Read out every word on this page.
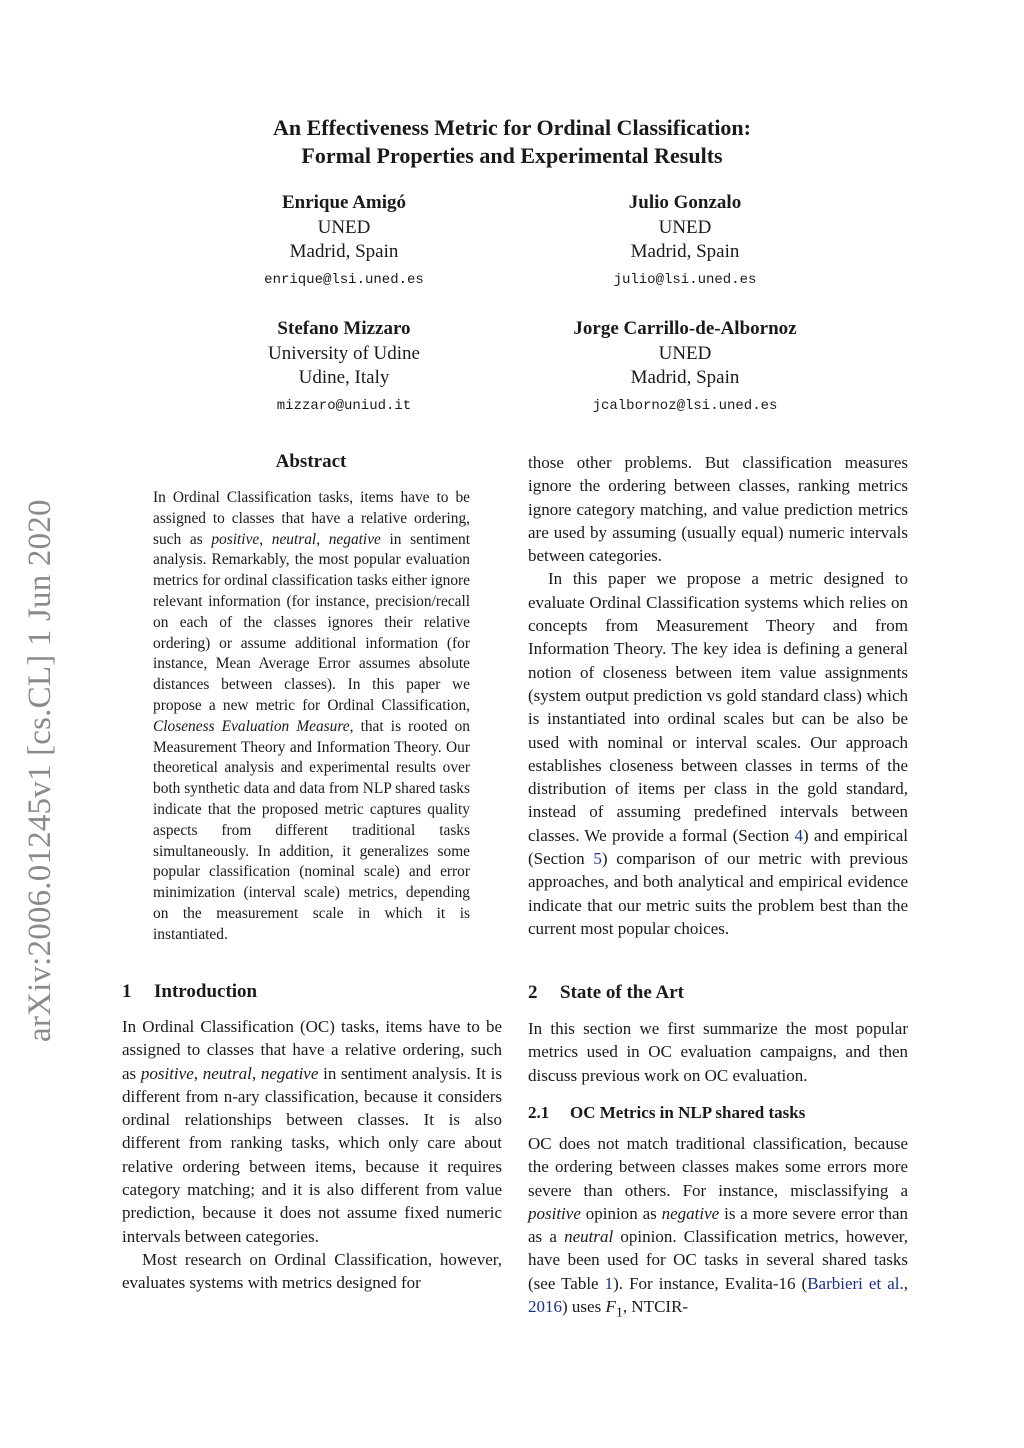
An Effectiveness Metric for Ordinal Classification:
Formal Properties and Experimental Results
Enrique Amigó
UNED
Madrid, Spain
enrique@lsi.uned.es
Julio Gonzalo
UNED
Madrid, Spain
julio@lsi.uned.es
Stefano Mizzaro
University of Udine
Udine, Italy
mizzaro@uniud.it
Jorge Carrillo-de-Albornoz
UNED
Madrid, Spain
jcalbornoz@lsi.uned.es
arXiv:2006.01245v1 [cs.CL] 1 Jun 2020
Abstract
In Ordinal Classification tasks, items have to be assigned to classes that have a relative ordering, such as positive, neutral, negative in sentiment analysis. Remarkably, the most popular evaluation metrics for ordinal classification tasks either ignore relevant information (for instance, precision/recall on each of the classes ignores their relative ordering) or assume additional information (for instance, Mean Average Error assumes absolute distances between classes). In this paper we propose a new metric for Ordinal Classification, Closeness Evaluation Measure, that is rooted on Measurement Theory and Information Theory. Our theoretical analysis and experimental results over both synthetic data and data from NLP shared tasks indicate that the proposed metric captures quality aspects from different traditional tasks simultaneously. In addition, it generalizes some popular classification (nominal scale) and error minimization (interval scale) metrics, depending on the measurement scale in which it is instantiated.
1 Introduction

In Ordinal Classification (OC) tasks, items have to be assigned to classes that have a relative ordering, such as positive, neutral, negative in sentiment analysis. It is different from n-ary classification, because it considers ordinal relationships between classes. It is also different from ranking tasks, which only care about relative ordering between items, because it requires category matching; and it is also different from value prediction, because it does not assume fixed numeric intervals between categories.

Most research on Ordinal Classification, however, evaluates systems with metrics designed for

those other problems. But classification measures ignore the ordering between classes, ranking metrics ignore category matching, and value prediction metrics are used by assuming (usually equal) numeric intervals between categories.

In this paper we propose a metric designed to evaluate Ordinal Classification systems which relies on concepts from Measurement Theory and from Information Theory. The key idea is defining a general notion of closeness between item value assignments (system output prediction vs gold standard class) which is instantiated into ordinal scales but can be also be used with nominal or interval scales. Our approach establishes closeness between classes in terms of the distribution of items per class in the gold standard, instead of assuming predefined intervals between classes. We provide a formal (Section 4) and empirical (Section 5) comparison of our metric with previous approaches, and both analytical and empirical evidence indicate that our metric suits the problem best than the current most popular choices.

2 State of the Art

In this section we first summarize the most popular metrics used in OC evaluation campaigns, and then discuss previous work on OC evaluation.

2.1 OC Metrics in NLP shared tasks

OC does not match traditional classification, because the ordering between classes makes some errors more severe than others. For instance, misclassifying a positive opinion as negative is a more severe error than as a neutral opinion. Classification metrics, however, have been used for OC tasks in several shared tasks (see Table 1). For instance, Evalita-16 (Barbieri et al., 2016) uses $F_1$, NTCIR-
